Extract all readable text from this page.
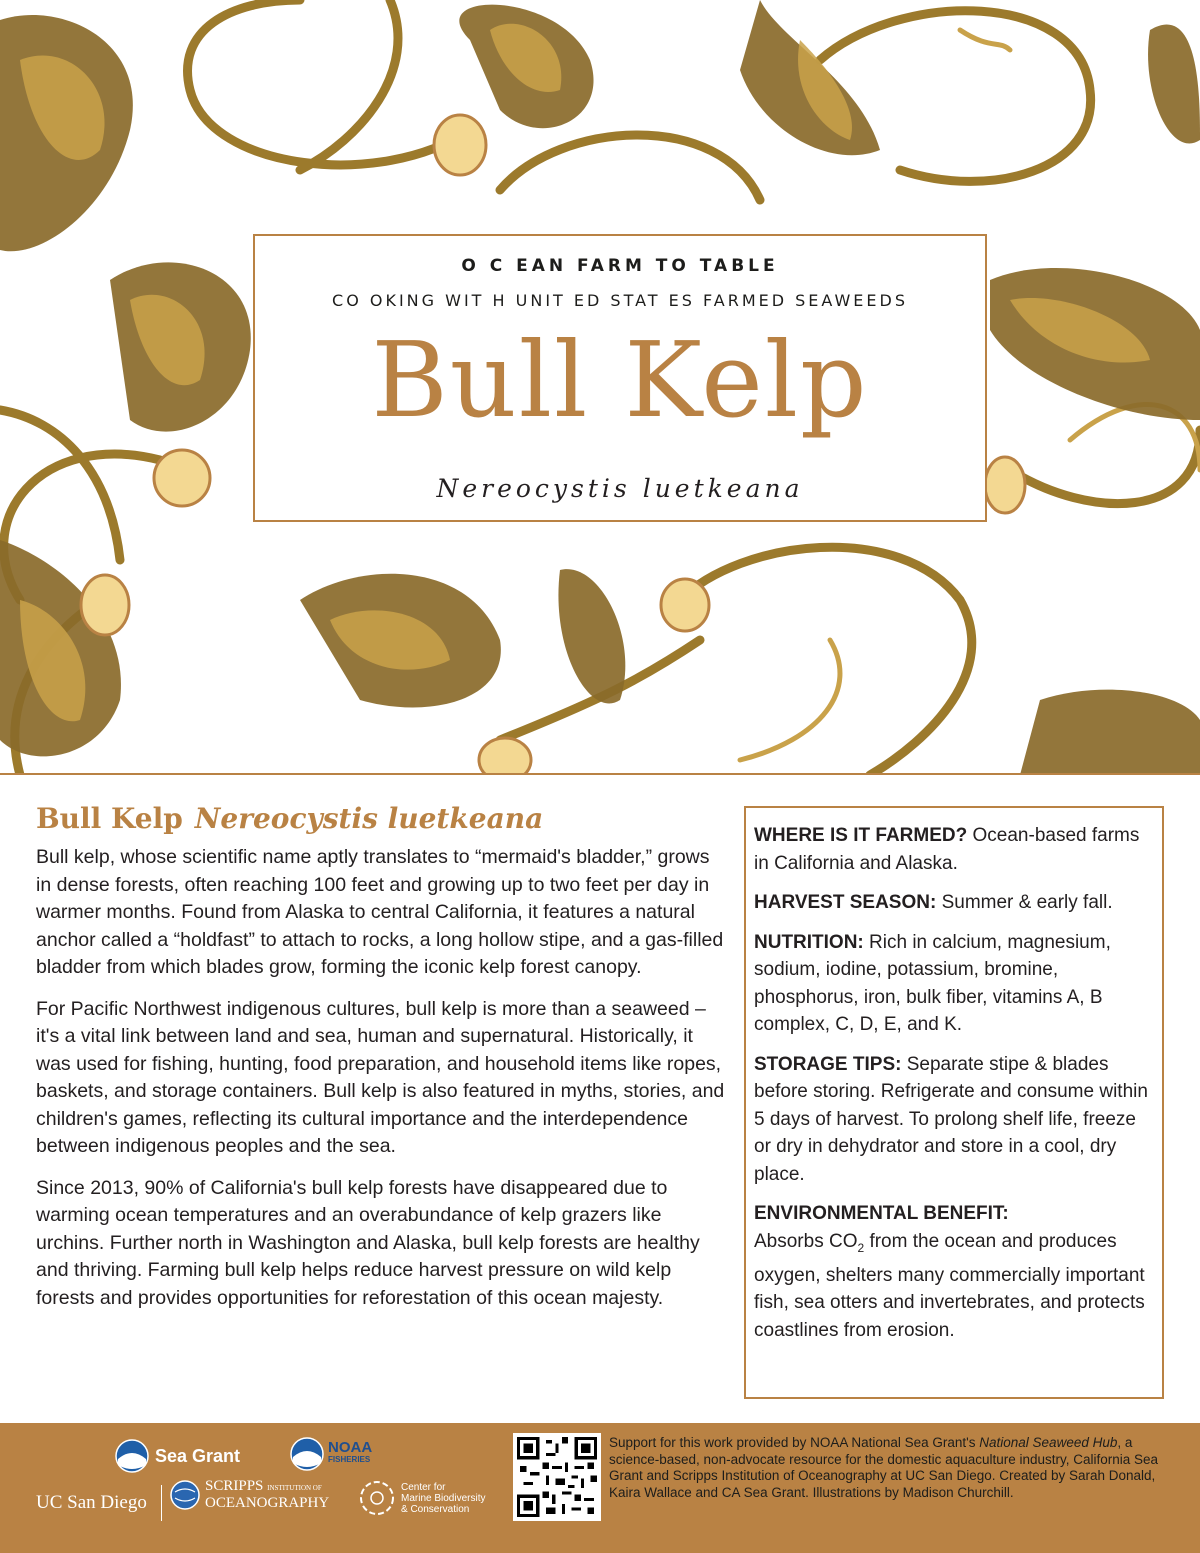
O C EAN FARM TO TABLE
CO OKING WIT H UNIT ED STAT ES FARMED SEAWEEDS
Bull Kelp
Nereocystis luetkeana
Bull Kelp Nereocystis luetkeana

Bull kelp, whose scientific name aptly translates to “mermaid's bladder,” grows in dense forests, often reaching 100 feet and growing up to two feet per day in warmer months. Found from Alaska to central California, it features a natural anchor called a “holdfast” to attach to rocks, a long hollow stipe, and a gas-filled bladder from which blades grow, forming the iconic kelp forest canopy.

For Pacific Northwest indigenous cultures, bull kelp is more than a seaweed – it's a vital link between land and sea, human and supernatural. Historically, it was used for fishing, hunting, food preparation, and household items like ropes, baskets, and storage containers. Bull kelp is also featured in myths, stories, and children's games, reflecting its cultural importance and the interdependence between indigenous peoples and the sea.

Since 2013, 90% of California's bull kelp forests have disappeared due to warming ocean temperatures and an overabundance of kelp grazers like urchins. Further north in Washington and Alaska, bull kelp forests are healthy and thriving. Farming bull kelp helps reduce harvest pressure on wild kelp forests and provides opportunities for reforestation of this ocean majesty.

WHERE IS IT FARMED? Ocean-based farms in California and Alaska.

HARVEST SEASON: Summer & early fall.

NUTRITION: Rich in calcium, magnesium, sodium, iodine, potassium, bromine, phosphorus, iron, bulk fiber, vitamins A, B complex, C, D, E, and K.

STORAGE TIPS: Separate stipe & blades before storing. Refrigerate and consume within 5 days of harvest. To prolong shelf life, freeze or dry in dehydrator and store in a cool, dry place.

ENVIRONMENTAL BENEFIT:
Absorbs $CO_2$ from the ocean and produces oxygen, shelters many commercially important fish, sea otters and invertebrates, and protects coastlines from erosion.

Sea Grant	NOAA
FISHERIES
UC San Diego
SCRIPPS INSTITUTION OF
OCEANOGRAPHY
Center for
Marine Biodiversity
& Conservation
Support for this work provided by NOAA National Sea Grant's National Seaweed Hub, a science-based, non-advocate resource for the domestic aquaculture industry, California Sea Grant and Scripps Institution of Oceanography at UC San Diego. Created by Sarah Donald, Kaira Wallace and CA Sea Grant. Illustrations by Madison Churchill.
